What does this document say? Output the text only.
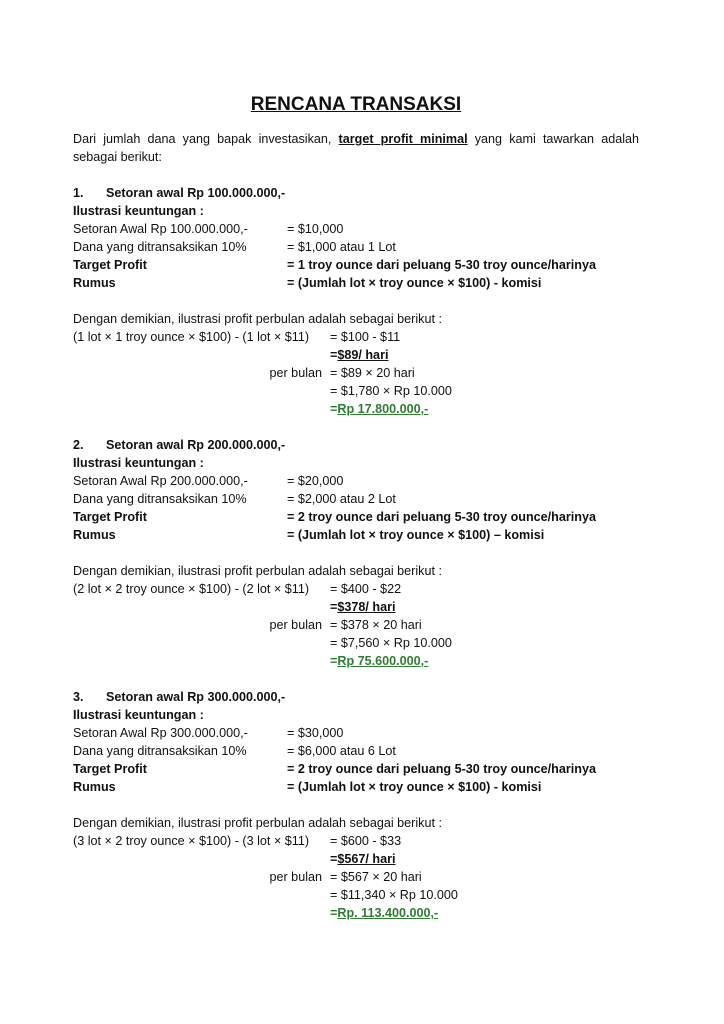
RENCANA TRANSAKSI
Dari jumlah dana yang bapak investasikan, target profit minimal yang kami tawarkan adalah sebagai berikut:
1.	Setoran awal Rp 100.000.000,-
Ilustrasi keuntungan :
Setoran Awal Rp 100.000.000,-	= $10,000
Dana yang ditransaksikan 10%	= $1,000 atau 1 Lot
Target Profit	= 1 troy ounce dari peluang 5-30 troy ounce/harinya
Rumus	= (Jumlah lot × troy ounce × $100) - komisi
Dengan demikian, ilustrasi profit perbulan adalah sebagai berikut :
(1 lot × 1 troy ounce × $100) - (1 lot × $11)	= $100 - $11
= $89/ hari
per bulan = $89 × 20 hari
= $1,780 × Rp 10.000
= Rp 17.800.000,-
2.	Setoran awal Rp 200.000.000,-
Ilustrasi keuntungan :
Setoran Awal Rp 200.000.000,-	= $20,000
Dana yang ditransaksikan 10%	= $2,000 atau 2 Lot
Target Profit	= 2 troy ounce dari peluang 5-30 troy ounce/harinya
Rumus	= (Jumlah lot × troy ounce × $100) – komisi
Dengan demikian, ilustrasi profit perbulan adalah sebagai berikut :
(2 lot × 2 troy ounce × $100) - (2 lot × $11)	= $400 - $22
= $378/ hari
per bulan = $378 × 20 hari
= $7,560 × Rp 10.000
= Rp 75.600.000,-
3.	Setoran awal Rp 300.000.000,-
Ilustrasi keuntungan :
Setoran Awal Rp 300.000.000,-	= $30,000
Dana yang ditransaksikan 10%	= $6,000 atau 6 Lot
Target Profit	= 2 troy ounce dari peluang 5-30 troy ounce/harinya
Rumus	= (Jumlah lot × troy ounce × $100) - komisi
Dengan demikian, ilustrasi profit perbulan adalah sebagai berikut :
(3 lot × 2 troy ounce × $100) - (3 lot × $11)	= $600 - $33
= $567/ hari
per bulan = $567 × 20 hari
= $11,340 × Rp 10.000
= Rp. 113.400.000,-
